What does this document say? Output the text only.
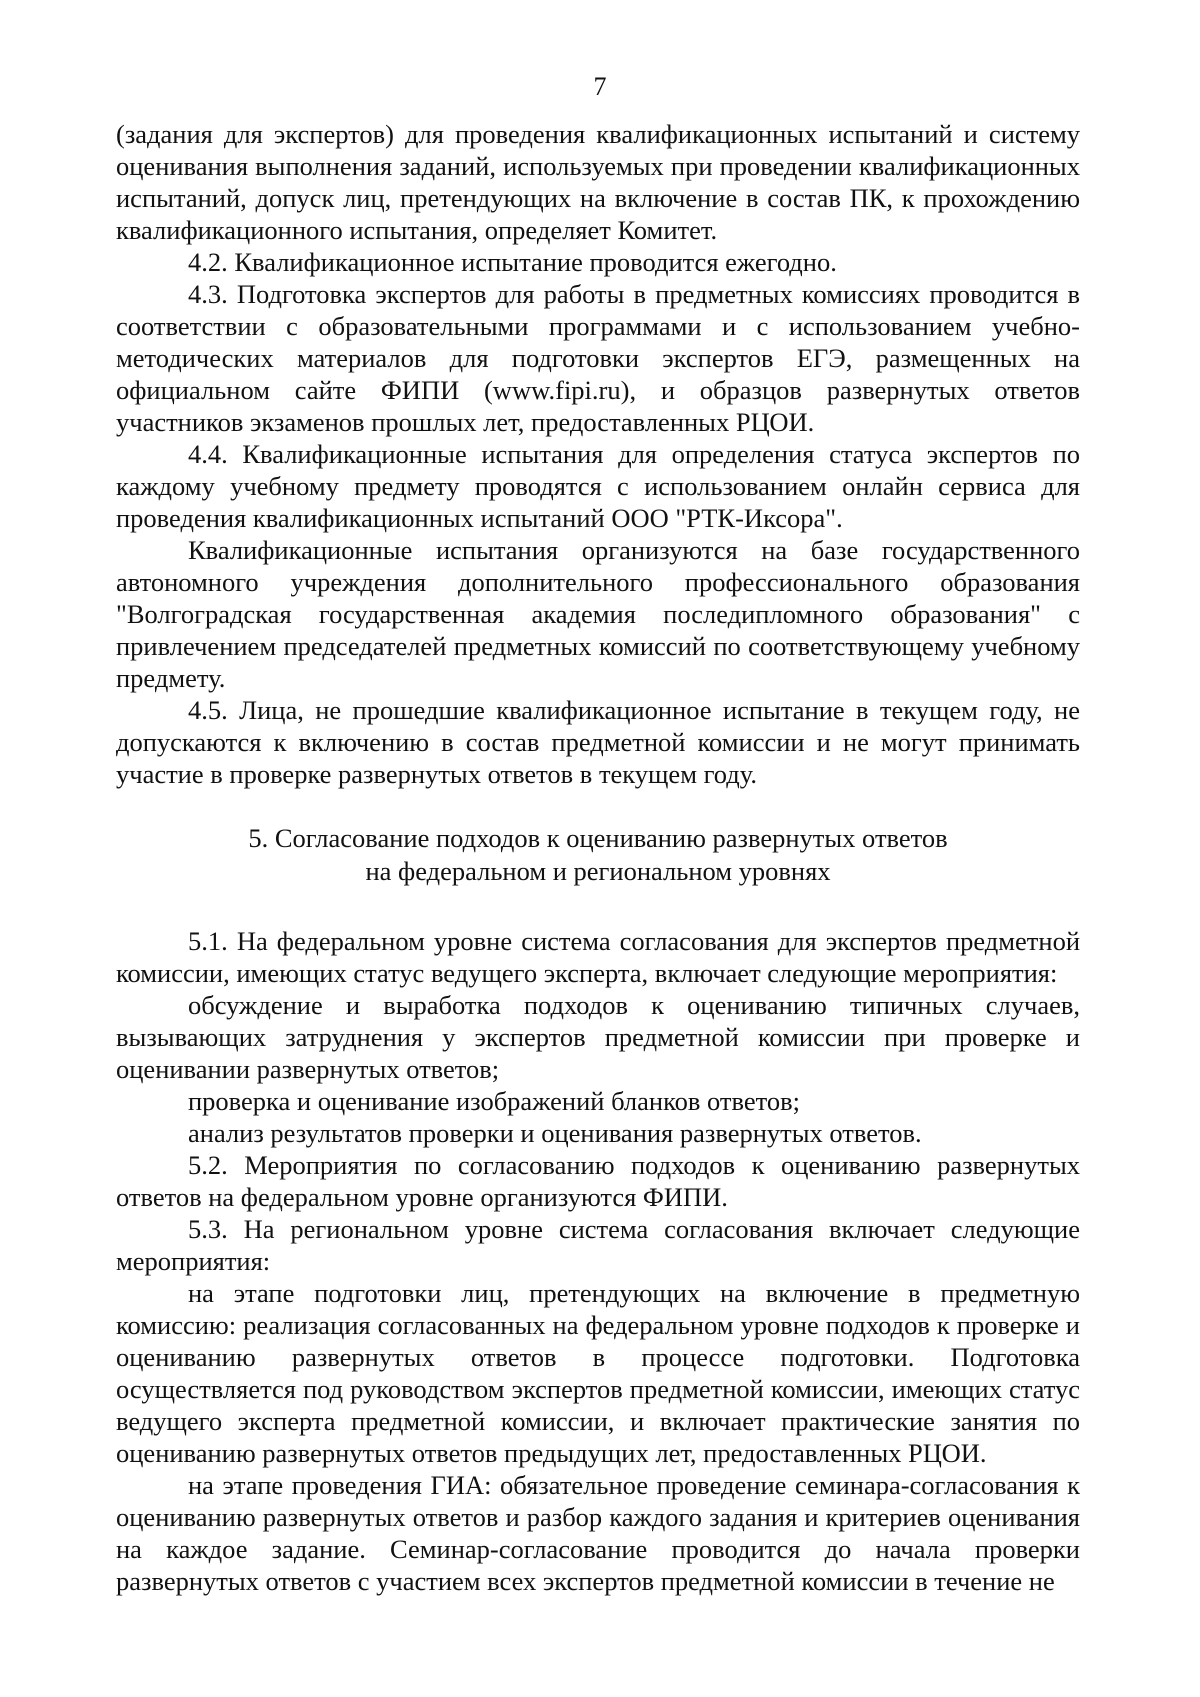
7

(задания для экспертов) для проведения квалификационных испытаний и систему оценивания выполнения заданий, используемых при проведении квалификационных испытаний, допуск лиц, претендующих на включение в состав ПК, к прохождению квалификационного испытания, определяет Комитет.

4.2. Квалификационное испытание проводится ежегодно.

4.3. Подготовка экспертов для работы в предметных комиссиях проводится в соответствии с образовательными программами и с использованием учебно-методических материалов для подготовки экспертов ЕГЭ, размещенных на официальном сайте ФИПИ (www.fipi.ru), и образцов развернутых ответов участников экзаменов прошлых лет, предоставленных РЦОИ.

4.4. Квалификационные испытания для определения статуса экспертов по каждому учебному предмету проводятся с использованием онлайн сервиса для проведения квалификационных испытаний ООО "РТК-Иксора".

Квалификационные испытания организуются на базе государственного автономного учреждения дополнительного профессионального образования "Волгоградская государственная академия последипломного образования" с привлечением председателей предметных комиссий по соответствующему учебному предмету.

4.5. Лица, не прошедшие квалификационное испытание в текущем году, не допускаются к включению в состав предметной комиссии и не могут принимать участие в проверке развернутых ответов в текущем году.

5. Согласование подходов к оцениванию развернутых ответов
на федеральном и региональном уровнях

5.1. На федеральном уровне система согласования для экспертов предметной комиссии, имеющих статус ведущего эксперта, включает следующие мероприятия:

обсуждение и выработка подходов к оцениванию типичных случаев, вызывающих затруднения у экспертов предметной комиссии при проверке и оценивании развернутых ответов;

проверка и оценивание изображений бланков ответов;

анализ результатов проверки и оценивания развернутых ответов.

5.2. Мероприятия по согласованию подходов к оцениванию развернутых ответов на федеральном уровне организуются ФИПИ.

5.3. На региональном уровне система согласования включает следующие мероприятия:

на этапе подготовки лиц, претендующих на включение в предметную комиссию: реализация согласованных на федеральном уровне подходов к проверке и оцениванию развернутых ответов в процессе подготовки. Подготовка осуществляется под руководством экспертов предметной комиссии, имеющих статус ведущего эксперта предметной комиссии, и включает практические занятия по оцениванию развернутых ответов предыдущих лет, предоставленных РЦОИ.

на этапе проведения ГИА: обязательное проведение семинара-согласования к оцениванию развернутых ответов и разбор каждого задания и критериев оценивания на каждое задание. Семинар-согласование проводится до начала проверки развернутых ответов с участием всех экспертов предметной комиссии в течение не
